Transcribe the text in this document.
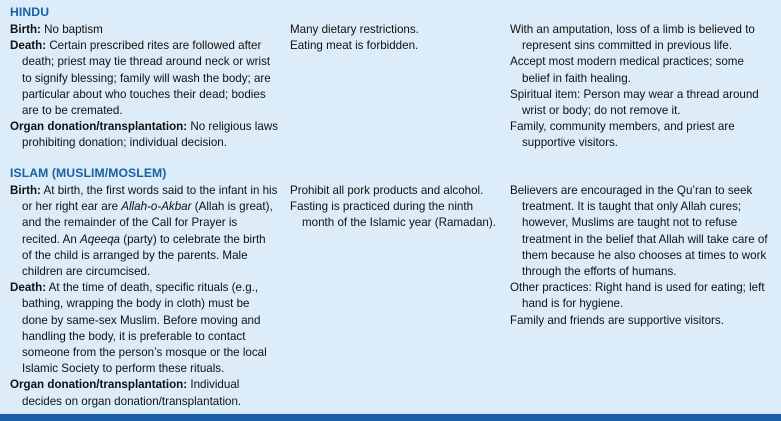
HINDU
Birth: No baptism
Death: Certain prescribed rites are followed after death; priest may tie thread around neck or wrist to signify blessing; family will wash the body; are particular about who touches their dead; bodies are to be cremated.
Organ donation/transplantation: No religious laws prohibiting donation; individual decision.
Many dietary restrictions.
Eating meat is forbidden.
With an amputation, loss of a limb is believed to represent sins committed in previous life.
Accept most modern medical practices; some belief in faith healing.
Spiritual item: Person may wear a thread around wrist or body; do not remove it.
Family, community members, and priest are supportive visitors.
ISLAM (MUSLIM/MOSLEM)
Birth: At birth, the first words said to the infant in his or her right ear are Allah-o-Akbar (Allah is great), and the remainder of the Call for Prayer is recited. An Aqeeqa (party) to celebrate the birth of the child is arranged by the parents. Male children are circumcised.
Death: At the time of death, specific rituals (e.g., bathing, wrapping the body in cloth) must be done by same-sex Muslim. Before moving and handling the body, it is preferable to contact someone from the person’s mosque or the local Islamic Society to perform these rituals.
Organ donation/transplantation: Individual decides on organ donation/transplantation.
Prohibit all pork products and alcohol.
Fasting is practiced during the ninth month of the Islamic year (Ramadan).
Believers are encouraged in the Qu’ran to seek treatment. It is taught that only Allah cures; however, Muslims are taught not to refuse treatment in the belief that Allah will take care of them because he also chooses at times to work through the efforts of humans.
Other practices: Right hand is used for eating; left hand is for hygiene.
Family and friends are supportive visitors.
